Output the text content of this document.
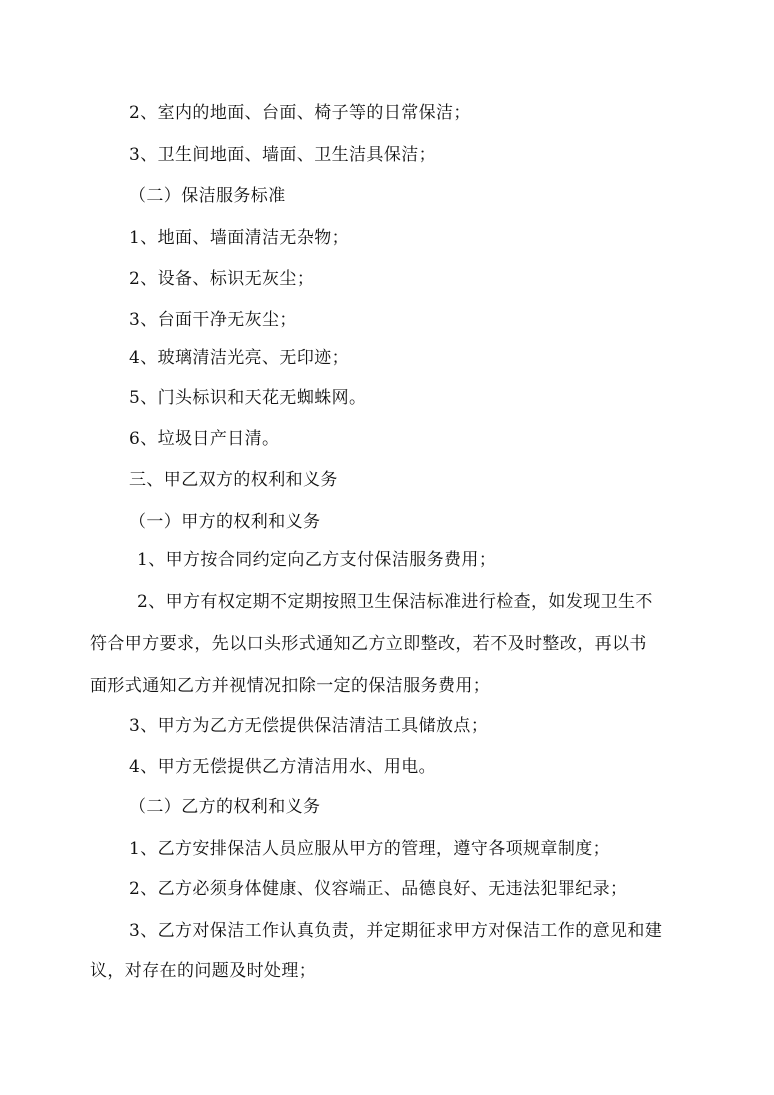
2、室内的地面、台面、椅子等的日常保洁；
3、卫生间地面、墙面、卫生洁具保洁；
（二）保洁服务标准
1、地面、墙面清洁无杂物；
2、设备、标识无灰尘；
3、台面干净无灰尘；
4、玻璃清洁光亮、无印迹；
5、门头标识和天花无蜘蛛网。
6、垃圾日产日清。
三、甲乙双方的权利和义务
（一）甲方的权利和义务
1、甲方按合同约定向乙方支付保洁服务费用；
2、甲方有权定期不定期按照卫生保洁标准进行检查，如发现卫生不
符合甲方要求，先以口头形式通知乙方立即整改，若不及时整改，再以书
面形式通知乙方并视情况扣除一定的保洁服务费用；
3、甲方为乙方无偿提供保洁清洁工具储放点；
4、甲方无偿提供乙方清洁用水、用电。
（二）乙方的权利和义务
1、乙方安排保洁人员应服从甲方的管理，遵守各项规章制度；
2、乙方必须身体健康、仪容端正、品德良好、无违法犯罪纪录；
3、乙方对保洁工作认真负责，并定期征求甲方对保洁工作的意见和建
议，对存在的问题及时处理；
